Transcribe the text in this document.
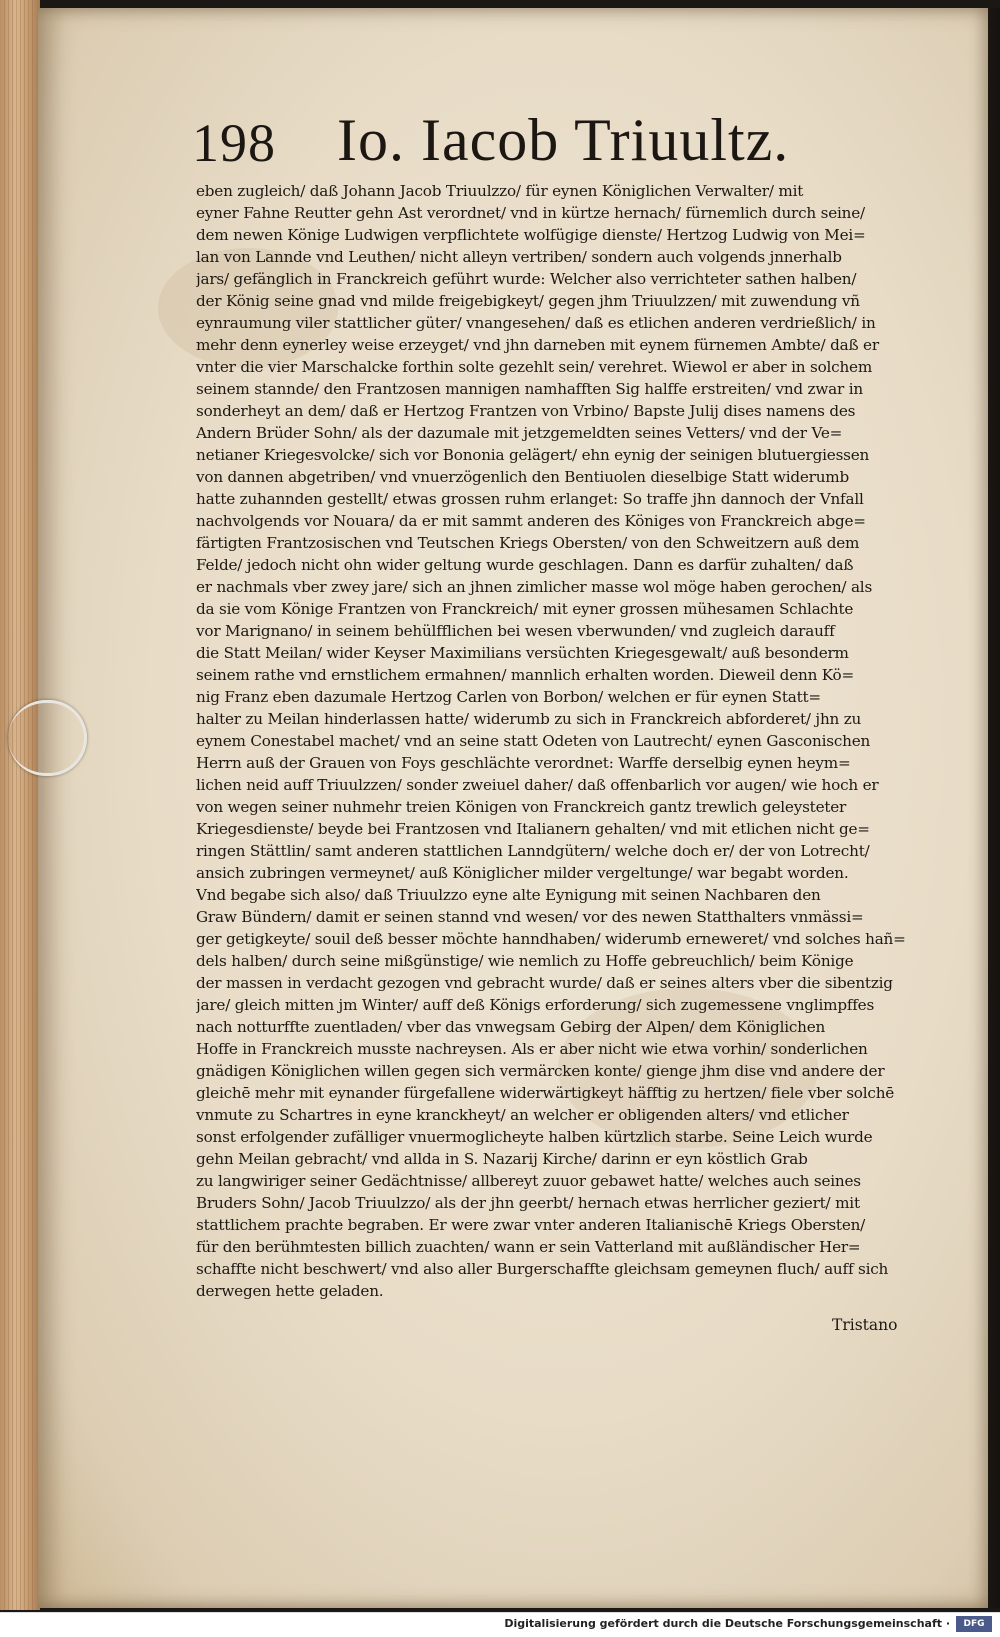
198 Io. Iacob Triuultz.
eben zugleich/ daß Johann Jacob Triuulzzo/ für eynen Königlichen Verwalter/ mit
eyner Fahne Reutter gehn Ast verordnet/ vnd in kürtze hernach/ fürnemlich durch seine/
dem newen Könige Ludwigen verpflichtete wolfügige dienste/ Hertzog Ludwig von Mei=
lan von Lannde vnd Leuthen/ nicht alleyn vertriben/ sondern auch volgends jnnerhalb
jars/ gefänglich in Franckreich geführt wurde: Welcher also verrichteter sathen halben/
der König seine gnad vnd milde freigebigkeyt/ gegen jhm Triuulzzen/ mit zuwendung vñ
eynraumung viler stattlicher güter/ vnangesehen/ daß es etlichen anderen verdrießlich/ in
mehr denn eynerley weise erzeyget/ vnd jhn darneben mit eynem fürnemen Ambte/ daß er
vnter die vier Marschalcke forthin solte gezehlt sein/ verehret. Wiewol er aber in solchem
seinem stannde/ den Frantzosen mannigen namhafften Sig halffe erstreiten/ vnd zwar in
sonderheyt an dem/ daß er Hertzog Frantzen von Vrbino/ Bapste Julij dises namens des
Andern Brüder Sohn/ als der dazumale mit jetzgemeldten seines Vetters/ vnd der Ve=
netianer Kriegesvolcke/ sich vor Bononia gelägert/ ehn eynig der seinigen blutuergiessen
von dannen abgetriben/ vnd vnuerzögenlich den Bentiuolen dieselbige Statt widerumb
hatte zuhannden gestellt/ etwas grossen ruhm erlanget: So traffe jhn dannoch der Vnfall
nachvolgends vor Nouara/ da er mit sammt anderen des Königes von Franckreich abge=
färtigten Frantzosischen vnd Teutschen Kriegs Obersten/ von den Schweitzern auß dem
Felde/ jedoch nicht ohn wider geltung wurde geschlagen. Dann es darfür zuhalten/ daß
er nachmals vber zwey jare/ sich an jhnen zimlicher masse wol möge haben gerochen/ als
da sie vom Könige Frantzen von Franckreich/ mit eyner grossen mühesamen Schlachte
vor Marignano/ in seinem behülfflichen bei wesen vberwunden/ vnd zugleich darauff
die Statt Meilan/ wider Keyser Maximilians versüchten Kriegesgewalt/ auß besonderm
seinem rathe vnd ernstlichem ermahnen/ mannlich erhalten worden. Dieweil denn Kö=
nig Franz eben dazumale Hertzog Carlen von Borbon/ welchen er für eynen Statt=
halter zu Meilan hinderlassen hatte/ widerumb zu sich in Franckreich abforderet/ jhn zu
eynem Conestabel machet/ vnd an seine statt Odeten von Lautrecht/ eynen Gasconischen
Herrn auß der Grauen von Foys geschlächte verordnet: Warffe derselbig eynen heym=
lichen neid auff Triuulzzen/ sonder zweiuel daher/ daß offenbarlich vor augen/ wie hoch er
von wegen seiner nuhmehr treien Königen von Franckreich gantz trewlich geleysteter
Kriegesdienste/ beyde bei Frantzosen vnd Italianern gehalten/ vnd mit etlichen nicht ge=
ringen Stättlin/ samt anderen stattlichen Lanndgütern/ welche doch er/ der von Lotrecht/
ansich zubringen vermeynet/ auß Königlicher milder vergeltunge/ war begabt worden.
Vnd begabe sich also/ daß Triuulzzo eyne alte Eynigung mit seinen Nachbaren den
Graw Bündern/ damit er seinen stannd vnd wesen/ vor des newen Statthalters vnmässi=
ger getigkeyte/ souil deß besser möchte hanndhaben/ widerumb erneweret/ vnd solches hañ=
dels halben/ durch seine mißgünstige/ wie nemlich zu Hoffe gebreuchlich/ beim Könige
der massen in verdacht gezogen vnd gebracht wurde/ daß er seines alters vber die sibentzig
jare/ gleich mitten jm Winter/ auff deß Königs erforderung/ sich zugemessene vnglimpffes
nach notturffte zuentladen/ vber das vnwegsam Gebirg der Alpen/ dem Königlichen
Hoffe in Franckreich musste nachreysen. Als er aber nicht wie etwa vorhin/ sonderlichen
gnädigen Königlichen willen gegen sich vermärcken konte/ gienge jhm dise vnd andere der
gleichē mehr mit eynander fürgefallene widerwärtigkeyt häfftig zu hertzen/ fiele vber solchē
vnmute zu Schartres in eyne kranckheyt/ an welcher er obligenden alters/ vnd etlicher
sonst erfolgender zufälliger vnuermoglicheyte halben kürtzlich starbe. Seine Leich wurde
gehn Meilan gebracht/ vnd allda in S. Nazarij Kirche/ darinn er eyn köstlich Grab
zu langwiriger seiner Gedächtnisse/ allbereyt zuuor gebawet hatte/ welches auch seines
Bruders Sohn/ Jacob Triuulzzo/ als der jhn geerbt/ hernach etwas herrlicher geziert/ mit
stattlichem prachte begraben. Er were zwar vnter anderen Italianischē Kriegs Obersten/
für den berühmtesten billich zuachten/ wann er sein Vatterland mit außländischer Her=
schaffte nicht beschwert/ vnd also aller Burgerschaffte gleichsam gemeynen fluch/ auff sich
derwegen hette geladen.
Tristano
Digitalisierung gefördert durch die Deutsche Forschungsgemeinschaft ·	DFG
